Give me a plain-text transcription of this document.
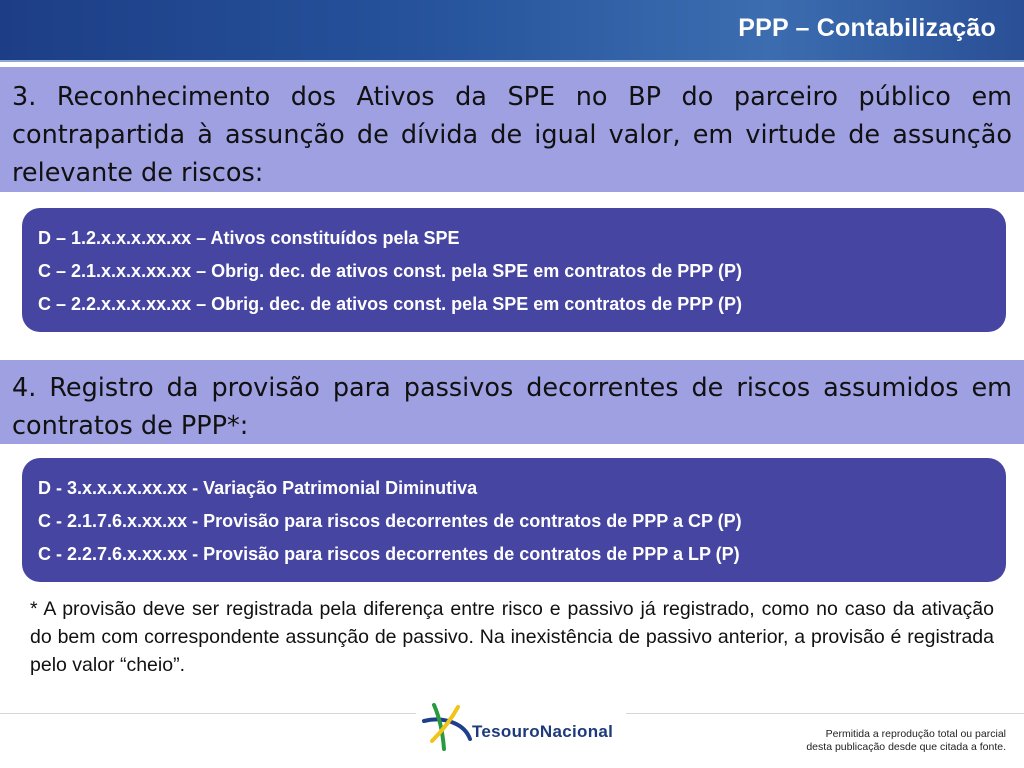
PPP – Contabilização
3. Reconhecimento dos Ativos da SPE no BP do parceiro público em contrapartida à assunção de dívida de igual valor, em virtude de assunção relevante de riscos:
D – 1.2.x.x.x.xx.xx – Ativos constituídos pela SPE
C – 2.1.x.x.x.xx.xx – Obrig. dec. de ativos const. pela SPE em contratos de PPP (P)
C – 2.2.x.x.x.xx.xx – Obrig. dec. de ativos const. pela SPE em contratos de PPP (P)
4. Registro da provisão para passivos decorrentes de riscos assumidos em contratos de PPP*:
D - 3.x.x.x.x.xx.xx - Variação Patrimonial Diminutiva
C - 2.1.7.6.x.xx.xx - Provisão para riscos decorrentes de contratos de PPP a CP (P)
C - 2.2.7.6.x.xx.xx - Provisão para riscos decorrentes de contratos de PPP a LP (P)
* A provisão deve ser registrada pela diferença entre risco e passivo já registrado, como no caso da ativação do bem com correspondente assunção de passivo. Na inexistência de passivo anterior, a provisão é registrada pelo valor “cheio”.
TesouroNacional	Permitida a reprodução total ou parcial
desta publicação desde que citada a fonte.
